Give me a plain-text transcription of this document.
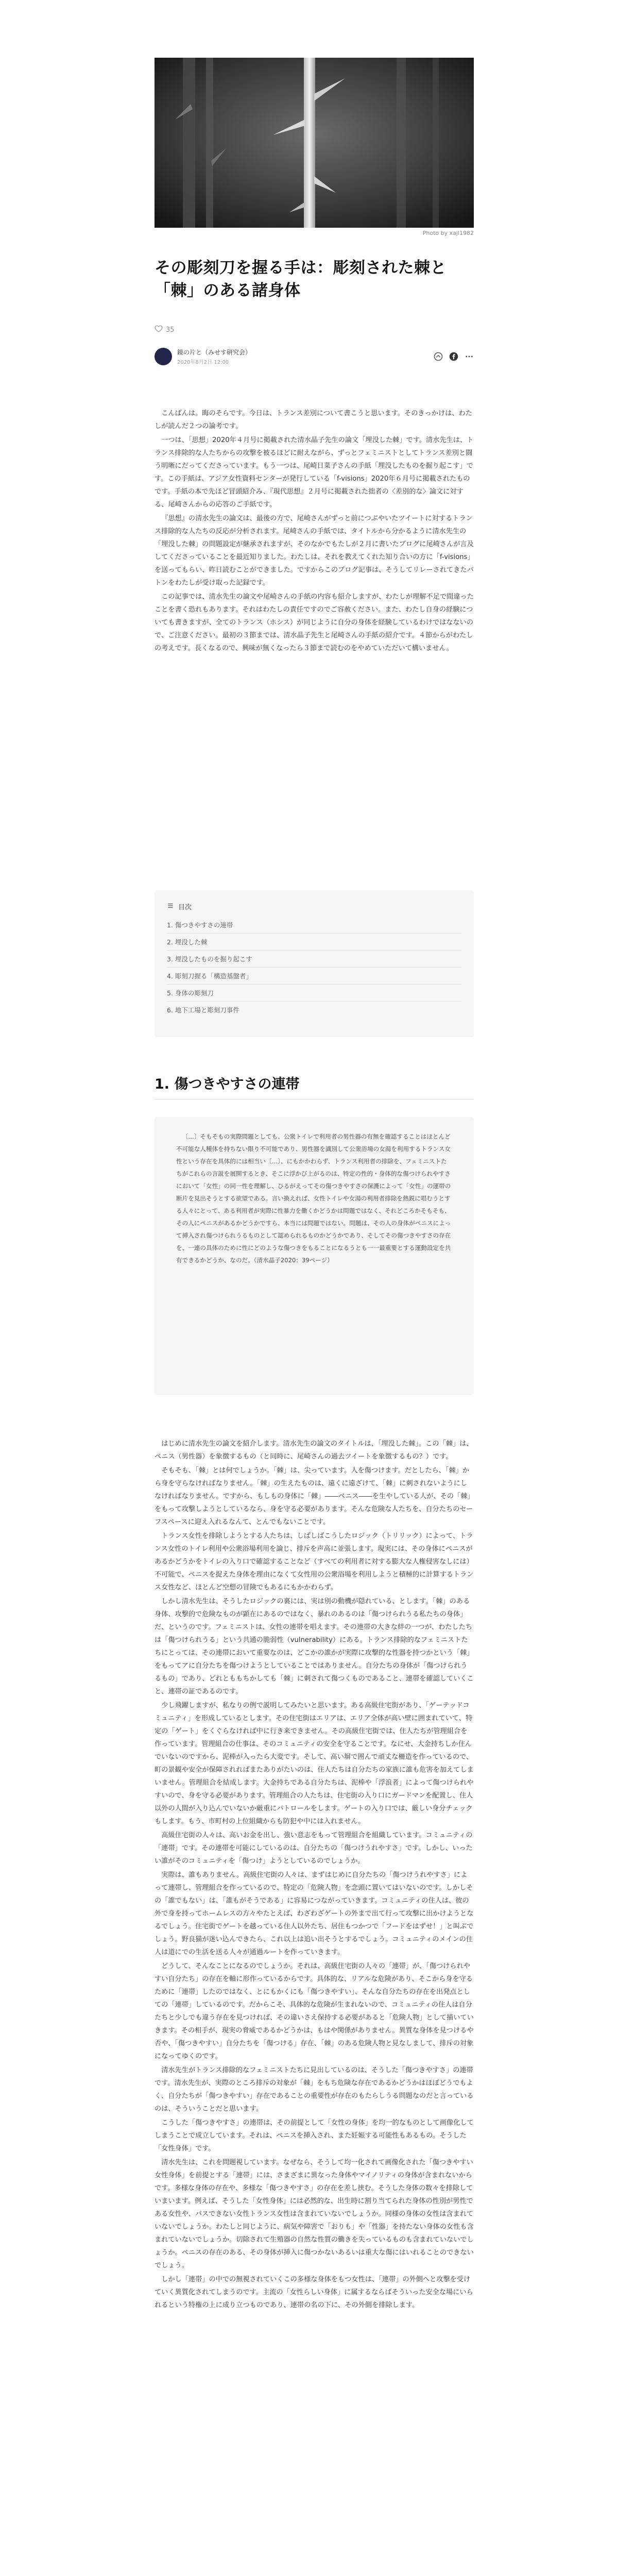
Photo by xajl1982
その彫刻刀を握る手は：彫刻された棘と「棘」のある諸身体
35
鏡の片と（みせす研究会）
2020年8月2日 12:00

こんばんは。晦のそらです。今日は、トランス差別について書こうと思います。そのきっかけは、わたしが読んだ２つの論考です。

一つは、「思想」2020年４月号に掲載された清水晶子先生の論文「埋没した棘」です。清水先生は、トランス排除的な人たちからの攻撃を被るほどに耐えながら、ずっとフェミニストとしてトランス差別と闘う明晰にだってくださっています。もう一つは、尾崎日菜子さんの手紙「埋没したものを掘り起こす」です。この手紙は、アジア女性資料センターが発行している「f-visions」2020年６月号に掲載されたものです。手紙の本で先ほど冒頭紹介み、『現代思想』２月号に掲載された拙者の〈差別的な〉論文に対する、尾崎さんからの応答のご手紙です。

『思想』の清水先生の論文は、最後の方で、尾崎さんがずっと前につぶやいたツイートに対するトランス排除的な人たちの反応が分析されます。尾崎さんの手紙では、タイトルから分かるように清水先生の「埋没した棘」の問題設定が継承されますが、そのなかでもたしが２月に書いたブログに尾崎さんが言及してくださっていることを最近知りました。わたしは、それを教えてくれた知り合いの方に「f-visions」を送ってもらい、昨日読むことができました。ですからこのブログ記事は、そうしてリレーされてきたバトンをわたしが受け取った記録です。

この記事では、清水先生の論文や尾崎さんの手紙の内容も紹介しますが、わたしが理解不足で間違ったことを書く恐れもあります。それはわたしの責任ですのでご容赦ください。また、わたし自身の経験についても書きますが、全てのトランス（ホシス）が同じように自分の身体を経験しているわけではなないので、ご注意ください。最初の３節までは、清水晶子先生と尾崎さんの手紙の紹介です。４節からがわたしの考えです。長くなるので、興味が無くなったら３節まで読むのをやめていただいて構いません。

目次
1. 傷つきやすさの連帯
2. 埋没した棘
3. 埋没したものを掘り起こす
4. 彫刻刀握る「構造基盤者」
5. 身体の彫刻刀
6. 地下工場と彫刻刀事件
1. 傷つきやすさの連帯

〔…〕そもそもの実際問題としても、公衆トイレで利用者の男性器の有無を確認することはほとんど不可能な人種体を持ちない限り不可能であり、男性器を識別して公衆浴場の女湯を利用するトランス女性という存在を具体的には相当い〔…〕、にもかかわらず、トランス利用者の排除を、フェミニストたちがこれらの言説を展開するとき、そこに浮かび上がるのは、特定の性的・身体的な傷つけられやすさにおいて「女性」の同一性を理解し、ひるがえってその傷つきやすさの保護によって「女性」の運帯の断片を見出そうとする欲望である。言い換えれば、女性トイレや女湯の利用者排除を熱鋭に唱むうとする人々にとって、ある利用者が実際に性暴力を働くかどうかは問題ではなく、それどころかそもそも、その人にペニスがあるかどうかですら、本当には問題ではない。問題は、その人の身体がペニスによって挿入され傷つけられうるものとして認められるものかどうかであり、そしてその傷つきやすさの存在を、一連の具体のために性にどのような傷つきをもることになるうとも一一最重要とする運動設定を共有できるかどうか、なのだ。（清水晶子2020：39ページ）

はじめに清水先生の論文を紹介します。清水先生の論文のタイトルは、「埋没した棘」。この「棘」は、ペニス（男性器）を象徴するもの（と同時に、尾崎さんの過去ツイートを象徴するもの？）です。

そもそも、「棘」とは何でしょうか。「棘」は、尖っています。人を傷つけます。だとしたら、「棘」から身を守らなければなりません。「棘」の生えたものは、遠くに遠ざけて、「棘」に刺されないようにしなければなりません。ですから、もしもの身体に「棘」――ペニス――を生やしている人が、その「棘」をもって攻撃しようとしているなら、身を守る必要があります。そんな危険な人たちを、自分たちのセーフスペースに迎え入れるなんて、とんでもないことです。

トランス女性を排除しようとする人たちは、しばしばこうしたロジック（トリリック）によって、トランス女性のトイレ利用や公衆浴場利用を論じ、排斥を声高に並張します。現実には、その身体にペニスがあるかどうかをトイレの入り口で確認することなど（すべての利用者に対する膨大な人権侵害なしには）不可能で、ペニスを捉えた身体を理由になくて女性用の公衆浴場を利用しようと積極的に計算するトランス女性など、ほとんど空想の冒険でもあるにもかかわらず。

しかし清水先生は、そうしたロジックの裏には、実は別の動機が隠れている、とします。「棘」のある身体、攻撃的で危険なものが顕在にあるのではなく、暴れのあるのは「傷つけられうる私たちの身体」だ、というのです。フェミニストは、女性の連帯を唱えます。その連帯の大きな絆の一つが、わたしたちは「傷つけられうる」という共通の脆弱性（vulnerability）にある。トランス排除的なフェミニストたちにとっては、その連帯において重要なのは、どこかの誰かが実際に攻撃的な性器を持つかという「棘」をもってアに自分たちを傷つけようとしていることではありません。自分たちの身体が「傷つけられうるもの」であり、どれとももちかしても「棘」に刺されて傷つくものであること、連帯を確認していくこと、連帯の証であるのです。

少し飛躍しますが、私なりの例で説明してみたいと思います。ある高級住宅街があり、「ゲーテッドコミュニティ」を形成しているとします。その住宅街はエリアは、エリア全体が高い壁に囲まれていて、特定の「ゲート」をくぐらなければ中に行き来できません。その高級住宅街では、住人たちが管理組合を作っています。管理組合の仕事は、そのコミュニティの安全を守ることです。なにせ、大金持ちしか住んでいないのですから、泥棒が入ったら大変です。そして、高い塀で囲んで頑丈な柵造を作っているので、町の景観や安全が保障されればまたありがたいのは、住人たちは自分たちの家族に誰も危害を加えてしまいません。管理組合を結成します。大金持ちである自分たちは、泥棒や「浮浪者」によって傷つけられやすいので、身を守る必要があります。管理組合の人たちは、住宅街の入り口にガードマンを配置し、住人以外の人間が入り込んでいないか厳重にパトロールをします。ゲートの入り口では、厳しい身分チェックもします。もう、市町村の上位組織からも防犯や中には入れません。

高級住宅街の人々は、高いお金を出し、強い意志をもって管理組合を組織しています。コミュニティの「連帯」です。その連帯を可能にしているのは、自分たちの「傷つけうれやすさ」です。しかし、いったい誰がそのコミュニティを「傷つけ」ようとしているのでしょうか。

実際は、誰もありません。高級住宅街の人々は、まずはじめに自分たちの「傷つけうれやすさ」によって連帯し、管理組合を作っているので、特定の「危険人物」を念頭に置いてはいないのです。しかしその「誰でもない」は、「誰もがそうである」に容易につながっていきます。コミュニティの住人は、彼の外で身を持ってホームレスの方々やたとえば、わざわざゲートの外まで出て行って攻撃に出かけようとなるでしょう。住宅街でゲートを越っている住人以外たち、居住もつかつで「フードをはずせ！」と叫ぶでしょう。野良猫が迷い込んできたら、これ以上は追い出そうとするでしょう。コミュニティのメインの住人は道にでの生活を送る人々が通過ルートを作っていきます。

どうして、そんなことになるのでしょうか。それは、高級住宅街の人々の「連帯」が、「傷つけられやすい自分たち」の存在を軸に形作っているからです。具体的な、リアルな危険があり、そこから身を守るために「連帯」したのではなく、とにもかくにも「傷つきやすい」、そんな自分たちの存在を出発点としての「連帯」しているのです。だからこそ、具体的な危険が生まれないので、コミュニティの住人は自分たちと少しでも違う存在を見つければ、その違いさえ保持する必要があると「危険人物」として描いていきます。その相手が、現実の脅威であるかどうかは、もはや関係がありません。異質な身体を見つけるや否や、「傷つきやすい」自分たちを「傷つける」存在、「棘」のある危険人物と見なしまして、排斥の対象になってゆくのです。

清水先生がトランス排除的なフェミニストたちに見出しているのは、そうした「傷つきやすさ」の連帯です。清水先生が、実際のところ排斥の対象が「棘」をもち危険な存在であるかどうかはほぼどうでもよく、自分たちが「傷つきやすい」存在であることの重要性が存在のもたらしうる問題なのだと言っているのは、そういうことだと思います。

こうした「傷つきやすさ」の連帯は、その前提として「女性の身体」を均一的なものとして画像化してしまうことで成立しています。それは、ペニスを挿入され、また妊娠する可能性もあるもの。そうした「女性身体」です。

清水先生は、これを問題視しています。なぜなら、そうして均一化されて画像化された「傷つきやすい女性身体」を前提とする「連帯」には、さまざまに異なった身体やマイノリティの身体が含まれないからです。多様な身体の存在や、多様な「傷つきやすさ」の存在を差し挟む。そうした身体の数々を排除していまいます。例えば、そうした「女性身体」には必然的な、出生時に割り当てられた身体の性別が男性である女性や、パスできない女性トランス女性は含まれていないでしょうか。同様の身体の女性は含まれていないでしょうか。わたしと同じように、病気や障害で「おりも」や「性器」を持たない身体の女性も含まれていないでしょうか。切除されて生殖器の自然な性質の働きを失っているものも含まれていないでしょうか。ペニスの存在のある、その身体が挿入に傷つかないあるいは重大な傷にはいれることのできないでしょう。

しかし「連帯」の中での無視されていくこの多様な身体をもつ女性は、「連帯」の外側へと攻撃を受けていく異質化されてしまうのです。主流の「女性らしい身体」に属するならばそういった安全な場にいられるという特権の上に成り立つものであり、連帯の名の下に、その外側を排除します。
